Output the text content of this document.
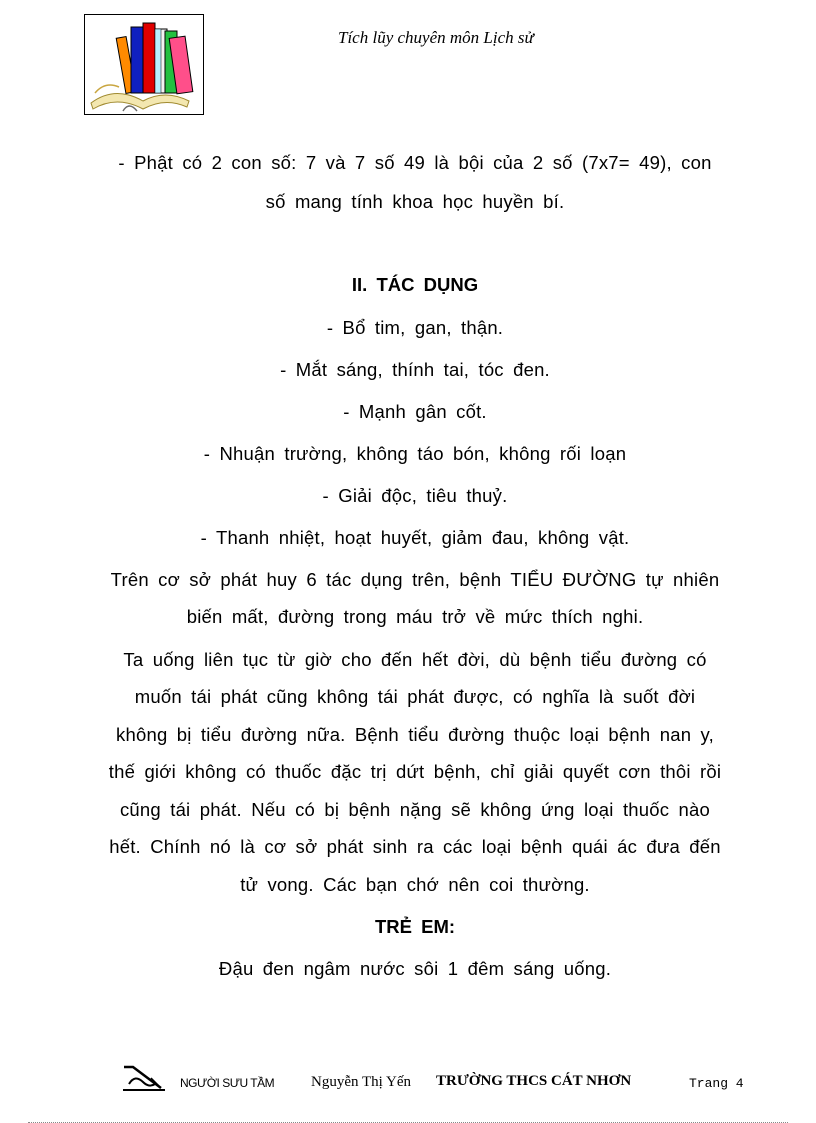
Tích lũy chuyên môn Lịch sử
- Phật có 2 con số: 7 và 7 số 49 là bội của 2 số (7x7= 49), con
số mang tính khoa học huyền bí.
II. TÁC DỤNG
- Bổ tim, gan, thận.
- Mắt sáng, thính tai, tóc đen.
- Mạnh gân cốt.
- Nhuận trường, không táo bón, không rối loạn
- Giải độc, tiêu thuỷ.
- Thanh nhiệt, hoạt huyết, giảm đau, không vật.
Trên cơ sở phát huy 6 tác dụng trên, bệnh TIỂU ĐƯỜNG tự nhiên
biến mất, đường trong máu trở về mức thích nghi.
Ta uống liên tục từ giờ cho đến hết đời, dù bệnh tiểu đường có
muốn tái phát cũng không tái phát được, có nghĩa là suốt đời
không bị tiểu đường nữa. Bệnh tiểu đường thuộc loại bệnh nan y,
thế giới không có thuốc đặc trị dứt bệnh, chỉ giải quyết cơn thôi rồi
cũng tái phát. Nếu có bị bệnh nặng sẽ không ứng loại thuốc nào
hết. Chính nó là cơ sở phát sinh ra các loại bệnh quái ác đưa đến
tử vong. Các bạn chớ nên coi thường.
TRẺ EM:
Đậu đen ngâm nước sôi 1 đêm sáng uống.
NGƯỜI SƯU TẦM Nguyễn Thị Yến TRƯỜNG THCS CÁT NHƠN	Trang 4
